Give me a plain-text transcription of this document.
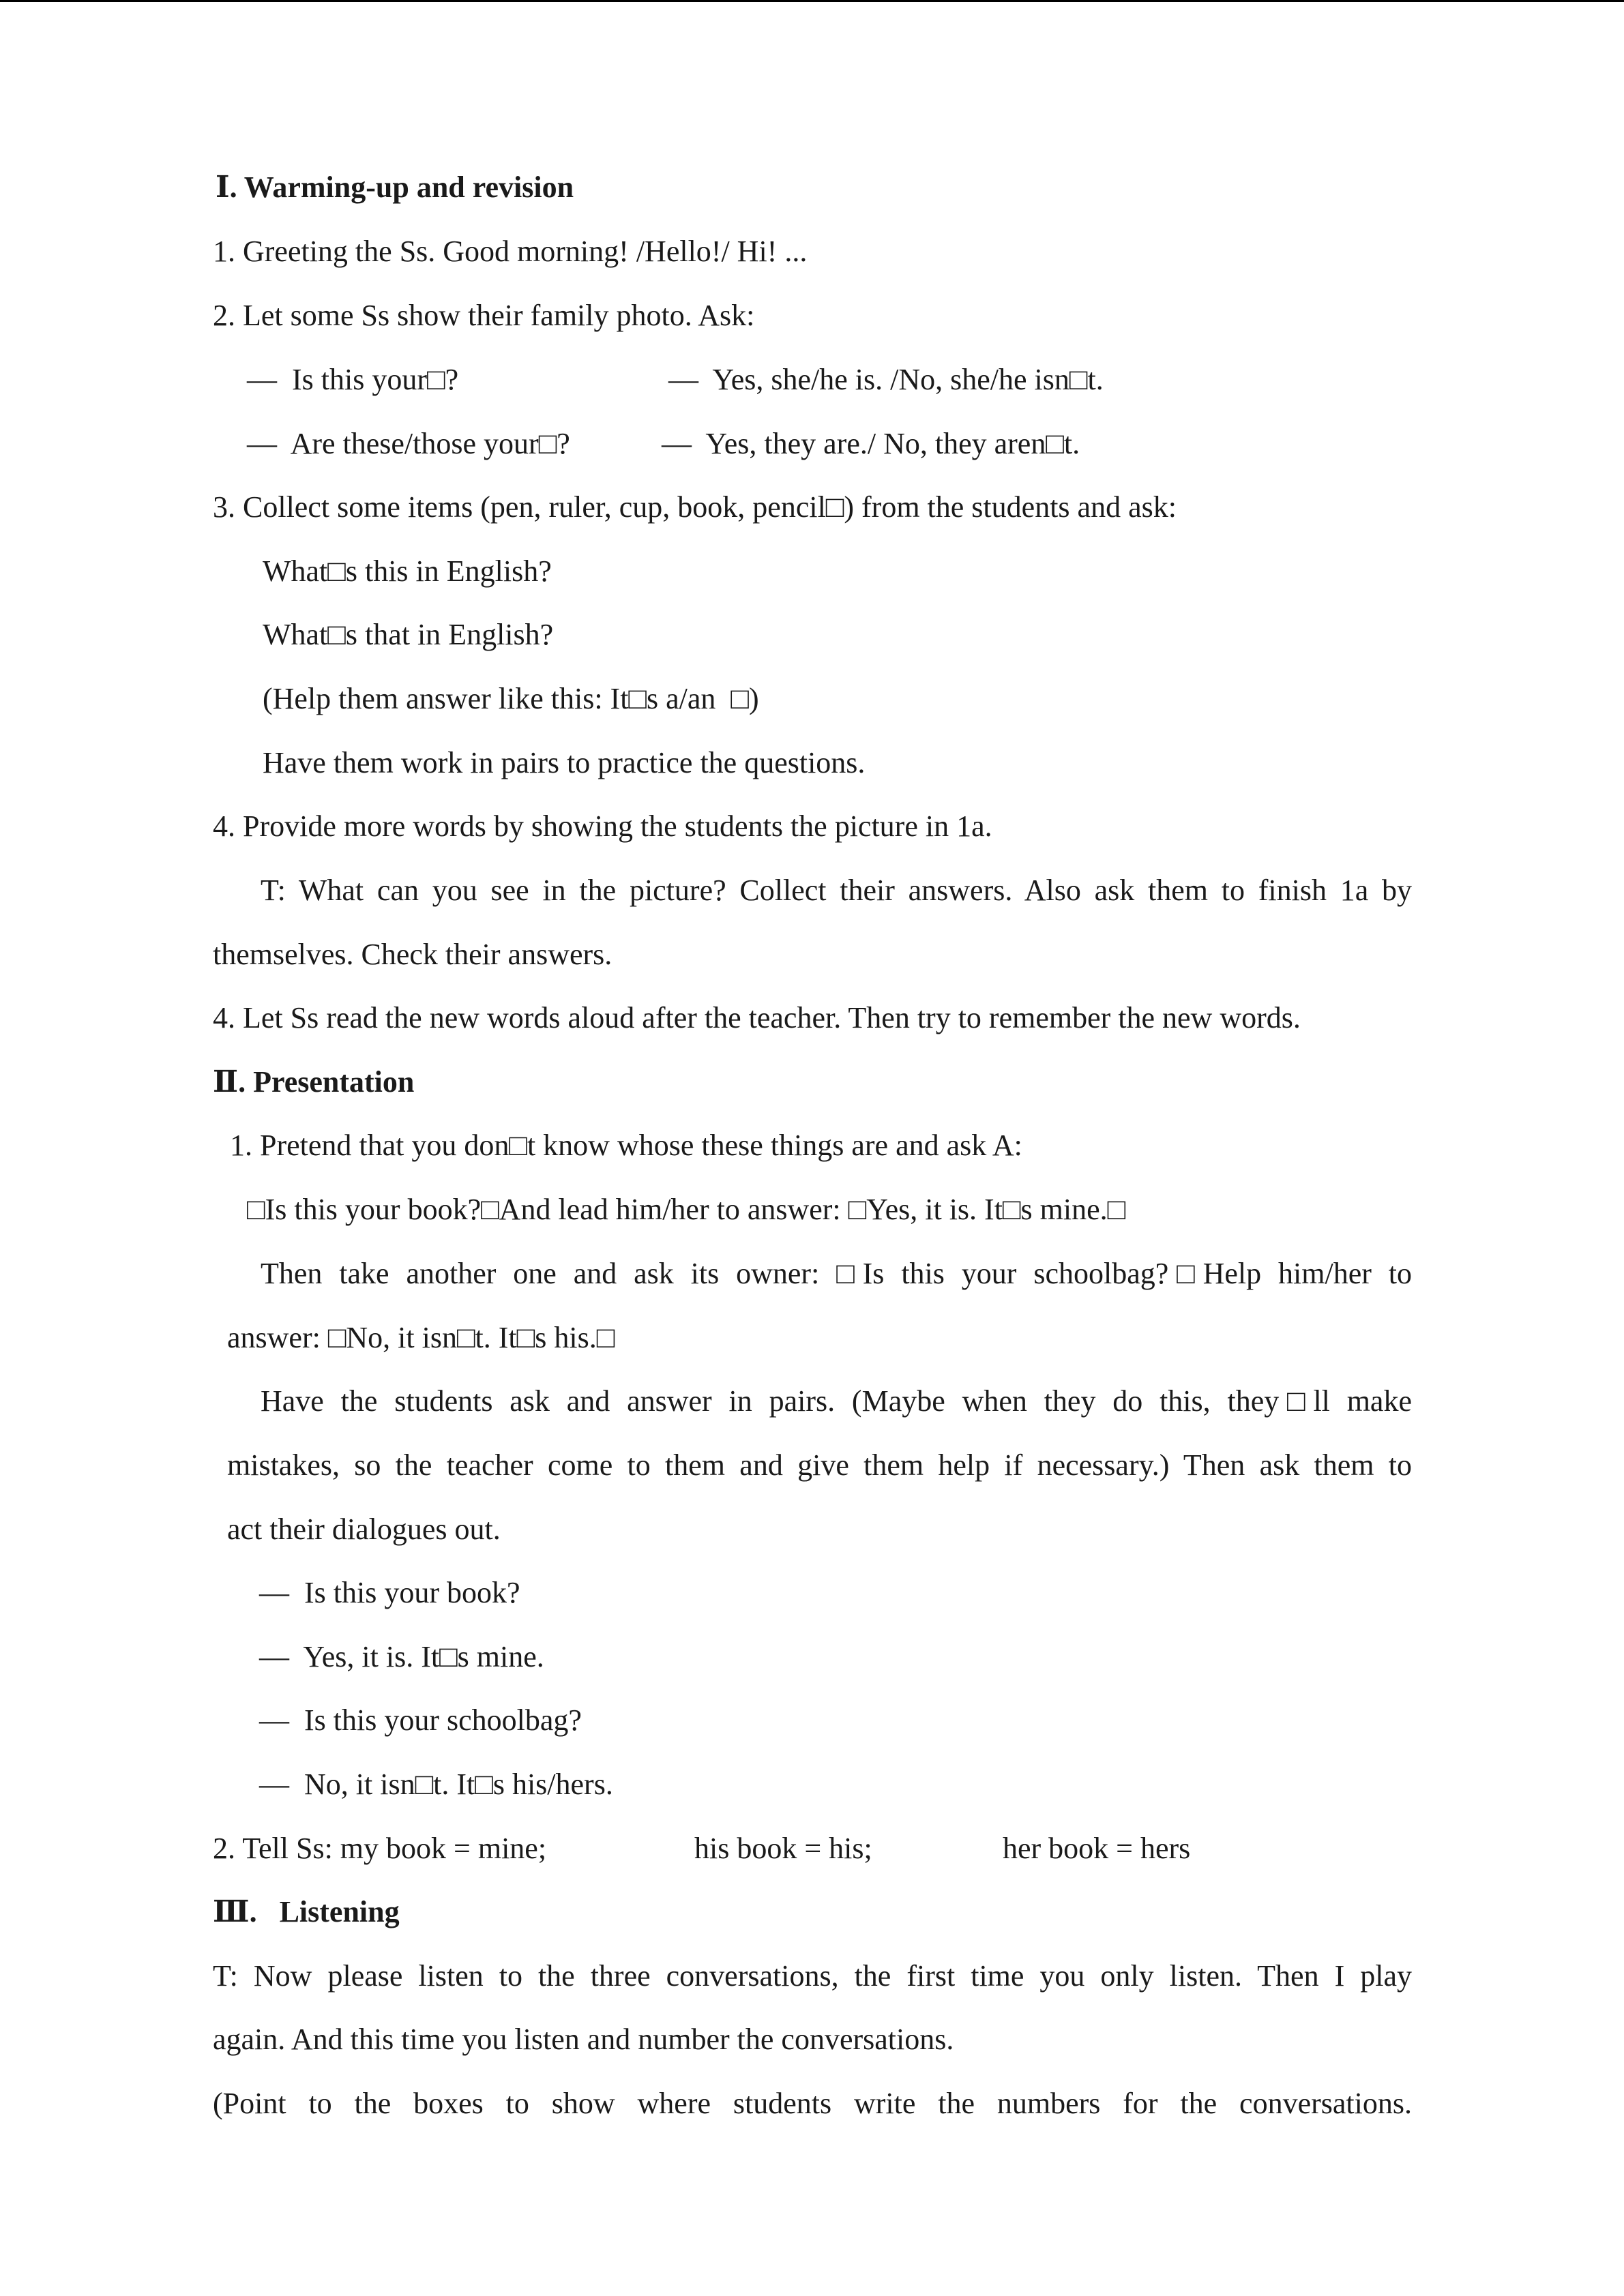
Ⅰ. Warming-up and revision
1. Greeting the Ss. Good morning! /Hello!/ Hi! ...
2. Let some Ss show their family photo. Ask:
—  Is this your□?	—  Yes, she/he is. /No, she/he isn□t.
—  Are these/those your□?	—  Yes, they are./ No, they aren□t.
3. Collect some items (pen, ruler, cup, book, pencil□) from the students and ask:
What□s this in English?
What□s that in English?
(Help them answer like this: It□s a/an  □)
Have them work in pairs to practice the questions.
4. Provide more words by showing the students the picture in 1a.
T: What can you see in the picture? Collect their answers. Also ask them to finish 1a by
themselves. Check their answers.
4. Let Ss read the new words aloud after the teacher. Then try to remember the new words.
Ⅱ. Presentation
1. Pretend that you don□t know whose these things are and ask A:
□Is this your book?□And lead him/her to answer: □Yes, it is. It□s mine.□
Then take another one and ask its owner: □Is this your schoolbag?□Help him/her to
answer: □No, it isn□t. It□s his.□
Have the students ask and answer in pairs. (Maybe when they do this, they□ll make
mistakes, so the teacher come to them and give them help if necessary.) Then ask them to
act their dialogues out.
—  Is this your book?
—  Yes, it is. It□s mine.
—  Is this your schoolbag?
—  No, it isn□t. It□s his/hers.
2. Tell Ss: my book = mine;	his book = his;	her book = hers
Ⅲ.   Listening
T: Now please listen to the three conversations, the first time you only listen. Then I play
again. And this time you listen and number the conversations.
(Point to the boxes to show where students write the numbers for the conversations.
